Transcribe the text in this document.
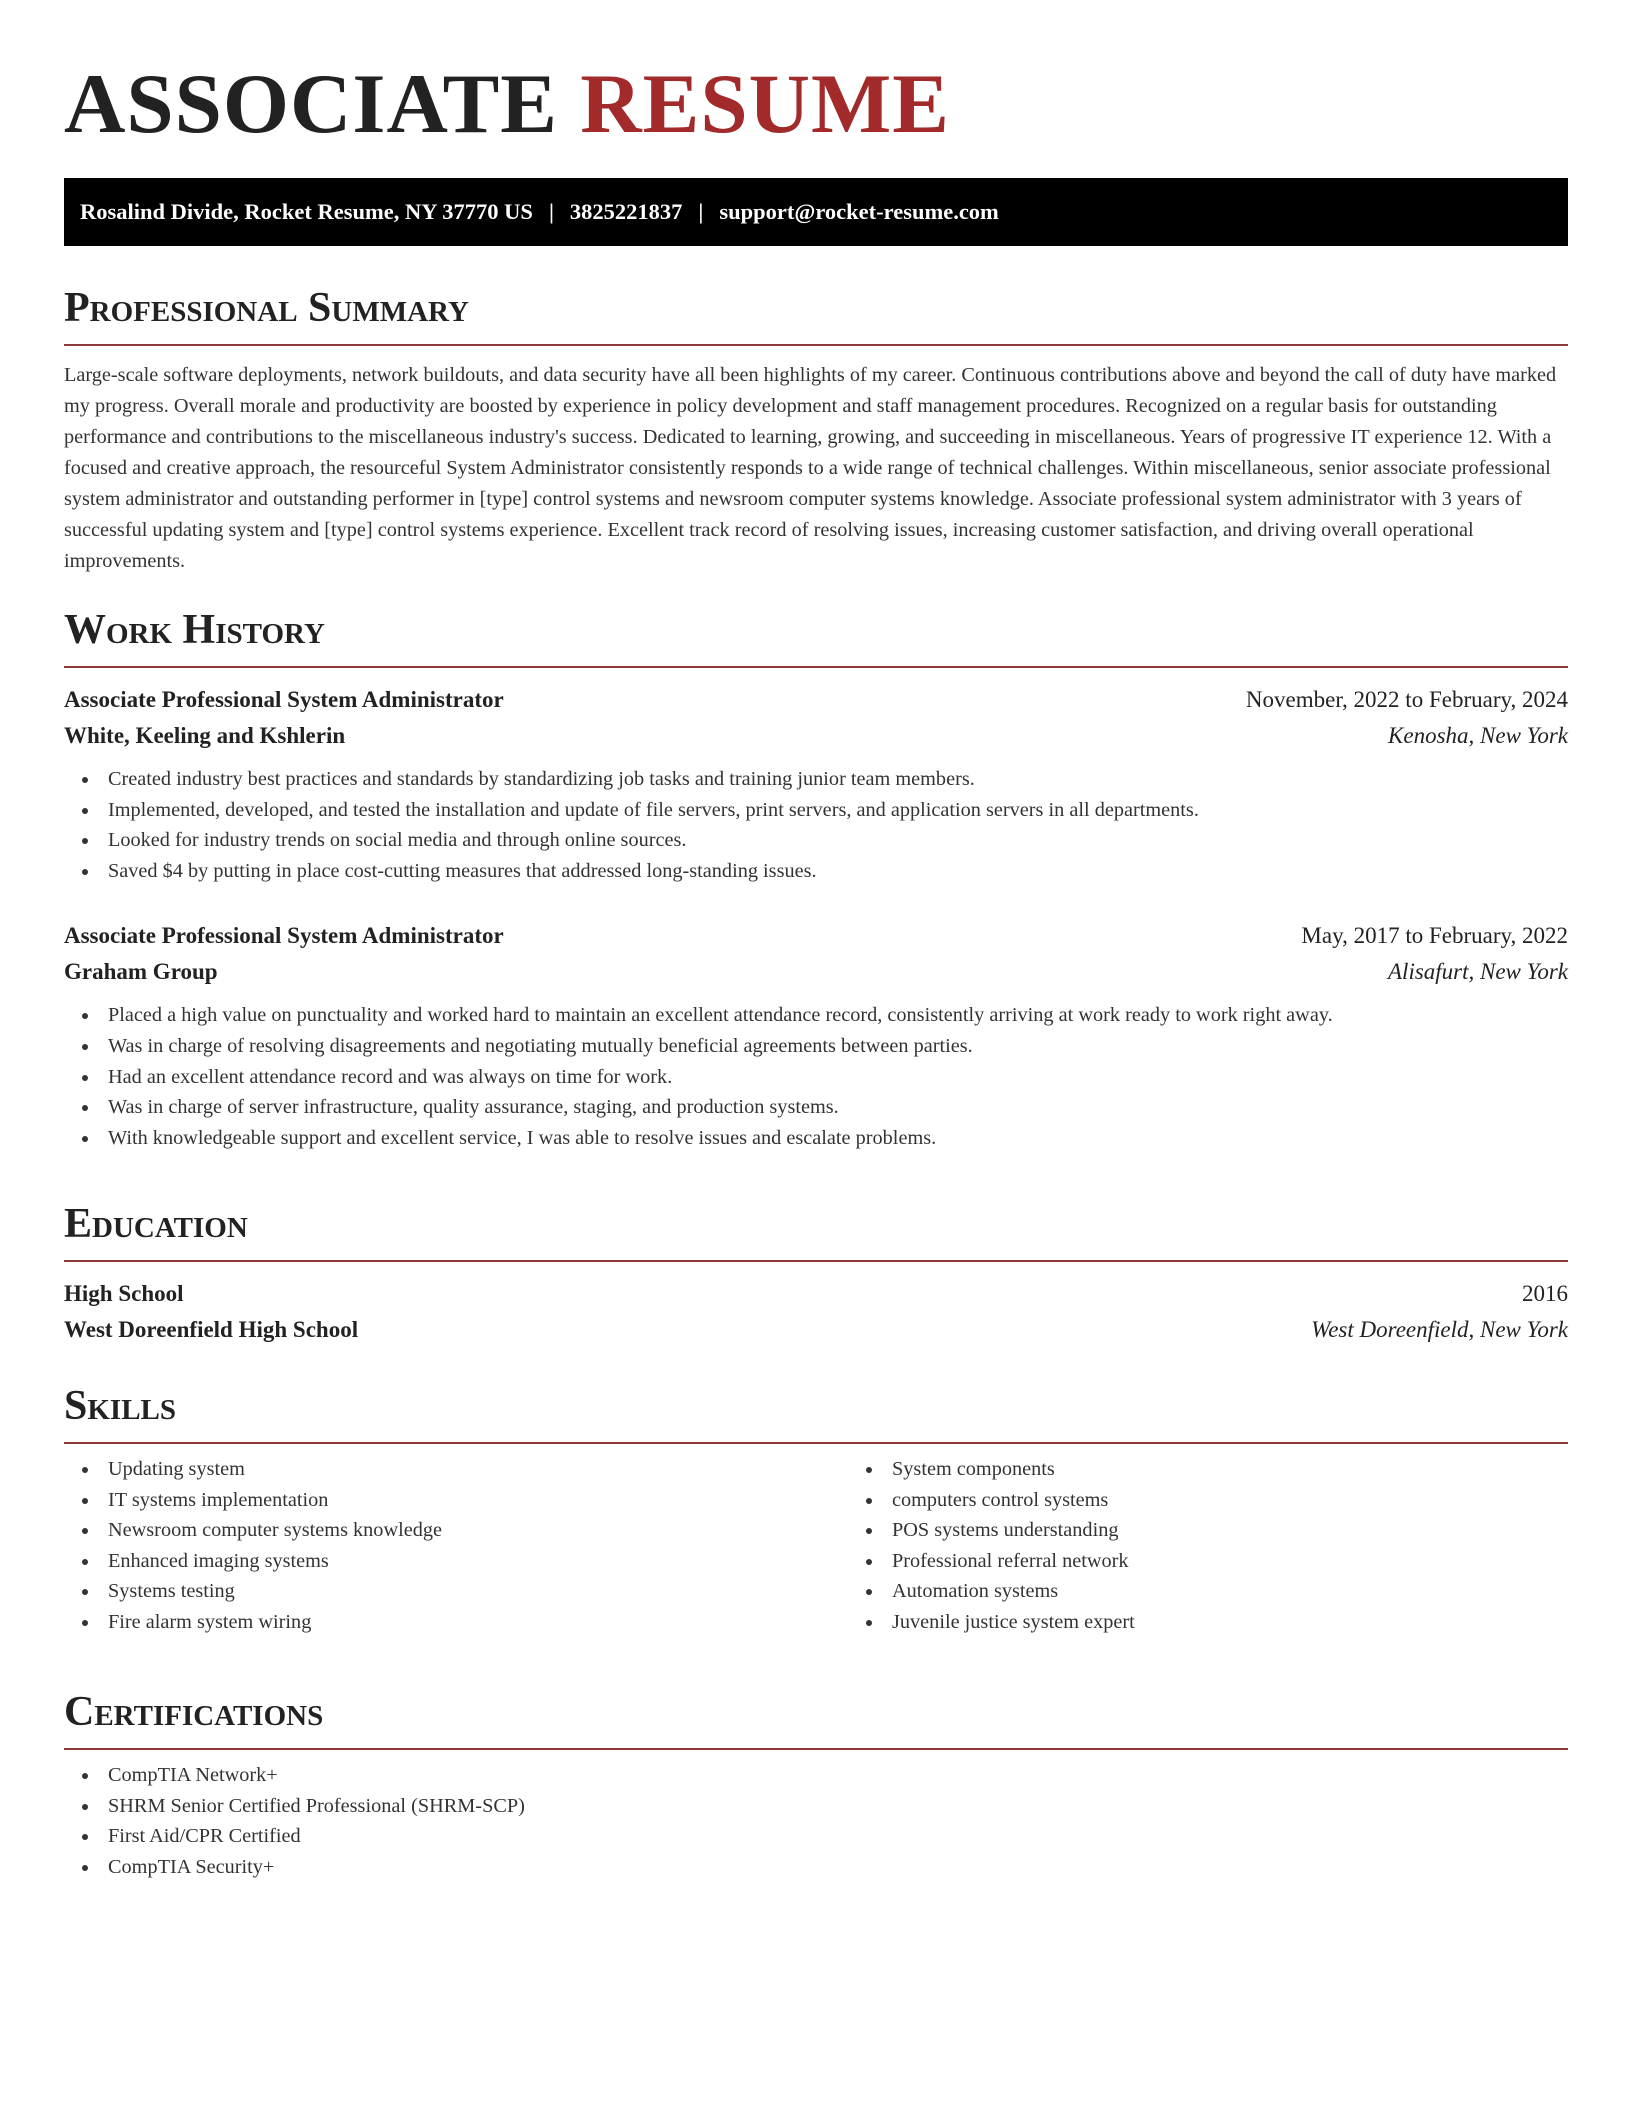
ASSOCIATE RESUME
Rosalind Divide, Rocket Resume, NY 37770 US | 3825221837 | support@rocket-resume.com
Professional Summary

Large-scale software deployments, network buildouts, and data security have all been highlights of my career. Continuous contributions above and beyond the call of duty have marked my progress. Overall morale and productivity are boosted by experience in policy development and staff management procedures. Recognized on a regular basis for outstanding performance and contributions to the miscellaneous industry's success. Dedicated to learning, growing, and succeeding in miscellaneous. Years of progressive IT experience 12. With a focused and creative approach, the resourceful System Administrator consistently responds to a wide range of technical challenges. Within miscellaneous, senior associate professional system administrator and outstanding performer in [type] control systems and newsroom computer systems knowledge. Associate professional system administrator with 3 years of successful updating system and [type] control systems experience. Excellent track record of resolving issues, increasing customer satisfaction, and driving overall operational improvements.

Work History
Associate Professional System Administrator	November, 2022 to February, 2024
White, Keeling and Kshlerin	Kenosha, New York
Created industry best practices and standards by standardizing job tasks and training junior team members.
Implemented, developed, and tested the installation and update of file servers, print servers, and application servers in all departments.
Looked for industry trends on social media and through online sources.
Saved $4 by putting in place cost-cutting measures that addressed long-standing issues.
Associate Professional System Administrator	May, 2017 to February, 2022
Graham Group	Alisafurt, New York
Placed a high value on punctuality and worked hard to maintain an excellent attendance record, consistently arriving at work ready to work right away.
Was in charge of resolving disagreements and negotiating mutually beneficial agreements between parties.
Had an excellent attendance record and was always on time for work.
Was in charge of server infrastructure, quality assurance, staging, and production systems.
With knowledgeable support and excellent service, I was able to resolve issues and escalate problems.
Education
High School	2016
West Doreenfield High School	West Doreenfield, New York
Skills
Updating system
IT systems implementation
Newsroom computer systems knowledge
Enhanced imaging systems
Systems testing
Fire alarm system wiring
System components
computers control systems
POS systems understanding
Professional referral network
Automation systems
Juvenile justice system expert
Certifications
CompTIA Network+
SHRM Senior Certified Professional (SHRM-SCP)
First Aid/CPR Certified
CompTIA Security+
